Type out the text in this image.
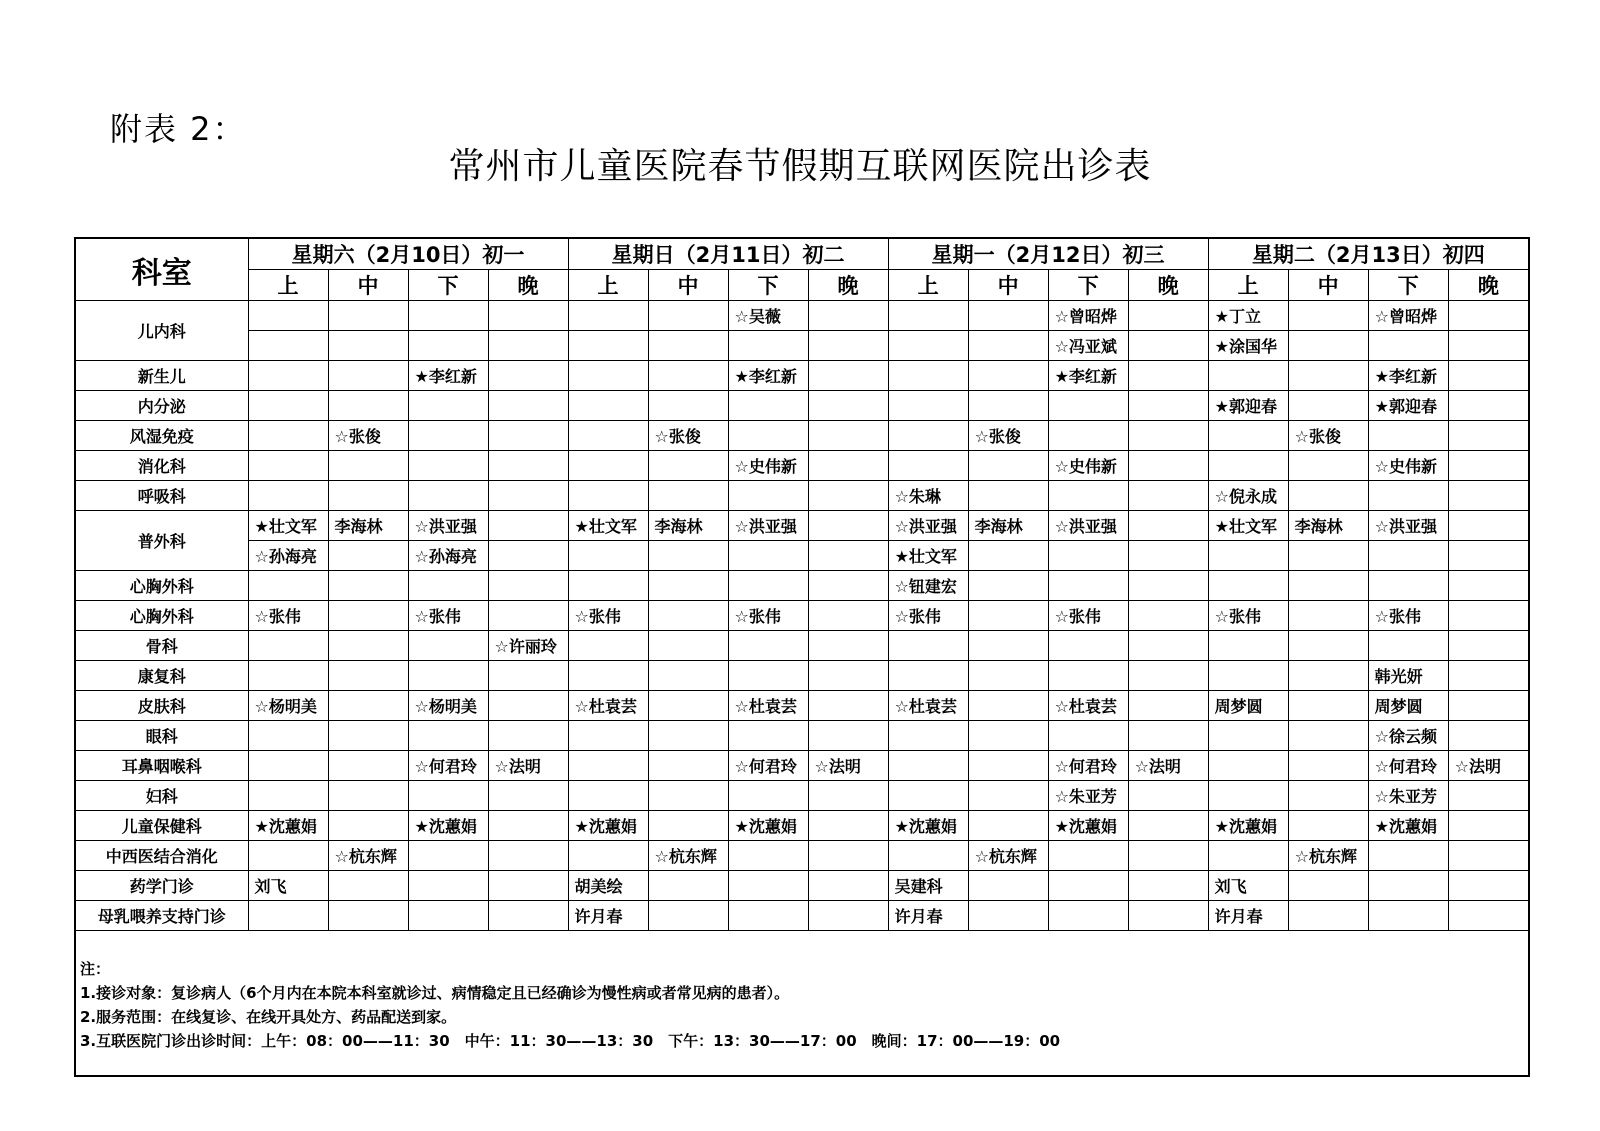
附表 2：
常州市儿童医院春节假期互联网医院出诊表
科室	星期六（2月10日）初一				星期日（2月11日）初二				星期一（2月12日）初三				星期二（2月13日）初四			
	上	中	下	晚	上	中	下	晚	上	中	下	晚	上	中	下	晚
儿内科							☆吴薇				☆曾昭烨		★丁立		☆曾昭烨	
											☆冯亚斌		★涂国华			
新生儿			★李红新				★李红新				★李红新				★李红新	
内分泌													★郭迎春		★郭迎春	
风湿免疫		☆张俊				☆张俊				☆张俊				☆张俊		
消化科							☆史伟新				☆史伟新				☆史伟新	
呼吸科									☆朱琳				☆倪永成			
普外科	★壮文军	李海林	☆洪亚强		★壮文军	李海林	☆洪亚强		☆洪亚强	李海林	☆洪亚强		★壮文军	李海林	☆洪亚强	
	☆孙海亮		☆孙海亮						★壮文军							
心胸外科									☆钮建宏							
心胸外科	☆张伟		☆张伟		☆张伟		☆张伟		☆张伟		☆张伟		☆张伟		☆张伟	
骨科				☆许丽玲												
康复科															韩光妍	
皮肤科	☆杨明美		☆杨明美		☆杜袁芸		☆杜袁芸		☆杜袁芸		☆杜袁芸		周梦圆		周梦圆	
眼科															☆徐云频	
耳鼻咽喉科			☆何君玲	☆法明			☆何君玲	☆法明			☆何君玲	☆法明			☆何君玲	☆法明
妇科											☆朱亚芳				☆朱亚芳	
儿童保健科	★沈蕙娟		★沈蕙娟		★沈蕙娟		★沈蕙娟		★沈蕙娟		★沈蕙娟		★沈蕙娟		★沈蕙娟	
中西医结合消化		☆杭东辉				☆杭东辉				☆杭东辉				☆杭东辉		
药学门诊	刘飞				胡美绘				吴建科				刘飞			
母乳喂养支持门诊					许月春				许月春				许月春			
注：
1.接诊对象：复诊病人（6个月内在本院本科室就诊过、病情稳定且已经确诊为慢性病或者常见病的患者）。
2.服务范围：在线复诊、在线开具处方、药品配送到家。
3.互联医院门诊出诊时间：上午：08：00——11：30　中午：11：30——13：30　下午：13：30——17：00　晚间：17：00——19：00
